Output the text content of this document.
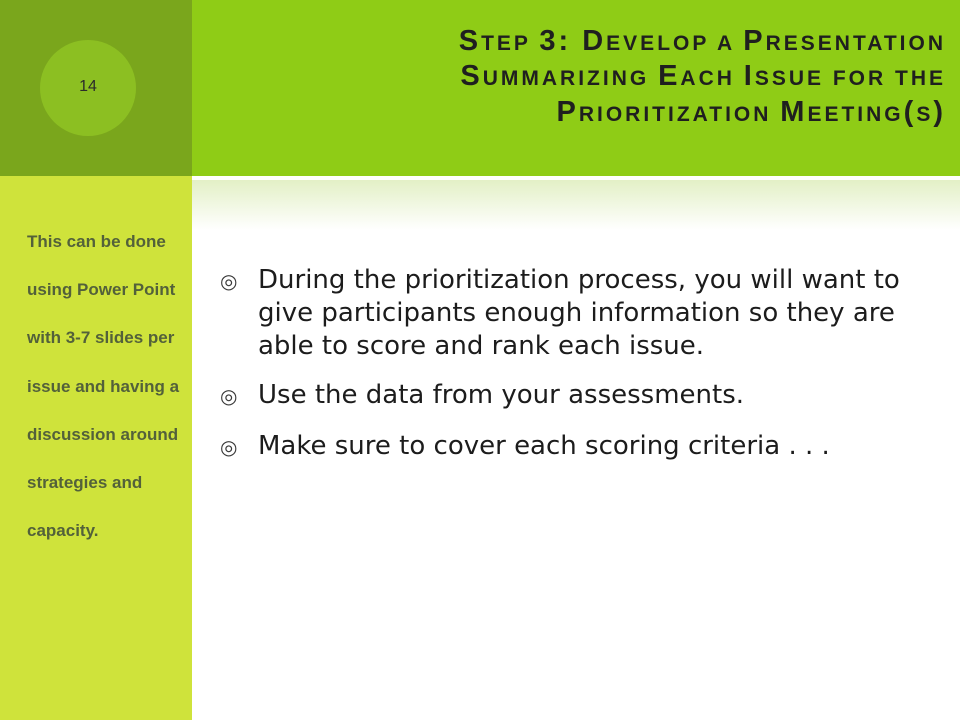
14
STEP 3: DEVELOP A PRESENTATION
SUMMARIZING EACH ISSUE FOR THE
PRIORITIZATION MEETING(S)
This can be done using Power Point with 3-7 slides per issue and having a discussion around strategies and capacity.
◎ During the prioritization process, you will want to give participants enough information so they are able to score and rank each issue.
◎ Use the data from your assessments.
◎ Make sure to cover each scoring criteria . . .
